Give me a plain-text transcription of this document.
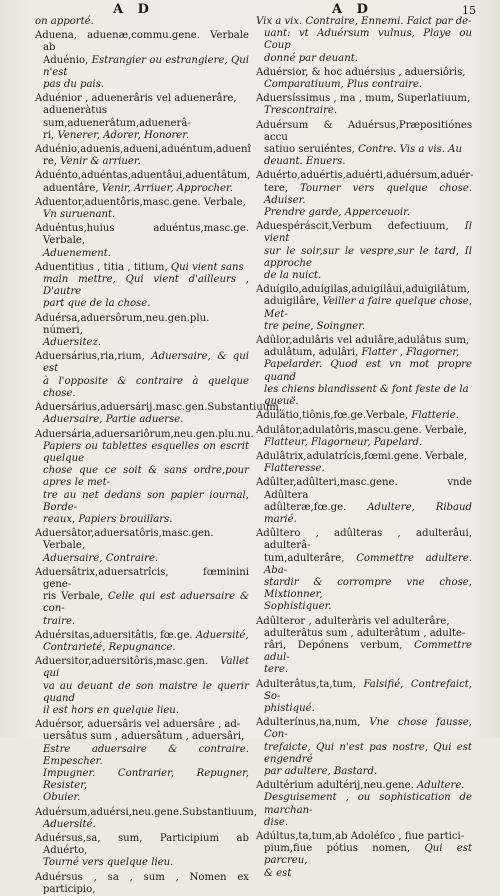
A D	A D	15

on apporté.

Aduena, aduenæ,commu.gene. Verbale ab
Aduénio, Estrangier ou estrangiere, Qui n'est
pas du pais.

Aduénior , aduenerâris vel aduenerâre,
adueneràtus sum,aduenerâtum,aduenerâ-
ri, Venerer, Adorer, Honorer.

Aduénio,aduenis,adueni,aduéntum,aduenî
re, Venir & arriuer.

Aduénto,aduéntas,aduentâui,aduentâtum,
aduentâre, Venir, Arriuer, Approcher.

Aduentor,aduentôris,masc.gene. Verbale,
Vn suruenant.

Aduéntus,huius aduéntus,masc.ge. Verbale,
Aduenement.

Aduentitius , titia , titium, Qui vient sans
main mettre, Qui vient d'ailleurs , D'autre
part que de la chose.

Aduérsa,aduersôrum,neu.gen.plu. númeri,
Aduersitez.

Aduersárius,ria,rium, Aduersaire, & qui est
à l'opposite & contraire à quelque chose.

Aduersárius,aduersárij.masc.gen.Substantiuum,
Aduersaire, Partie aduerse.

Aduersária,aduersariôrum,neu.gen.plu.nu.
Papiers ou tablettes esquelles on escrit quelque
chose que ce soit & sans ordre,pour apres le met-
tre au net dedans son papier iournal, Borde-
reaux, Papiers brouillars.

Aduersâtor,aduersatôris,masc.gen. Verbale,
Aduersaire, Contraire.

Aduersâtrix,aduersatrîcis, fœminini gene-
ris Verbale, Celle qui est aduersaire & con-
traire.

Aduérsitas,aduersitâtis, fœ.ge. Aduersité,
Contrarieté, Repugnance.

Aduersitor,aduersitôris,masc.gen. Vallet qui
va au deuant de son maistre le querir quand
il est hors en quelque lieu.

Aduérsor, aduersâris vel aduersâre , ad-
uersâtus sum , aduersâtum , aduersâri,
Estre aduersaire & contraire. Empescher.
Impugner. Contrarier, Repugner, Resister,
Obuier.

Aduérsum,aduérsi,neu.gene.Substantiuum,
Aduersité.

Aduérsus,sa, sum, Participium ab Aduérto,
Tourné vers quelque lieu.

Aduérsus , sa , sum , Nomen ex participio,

Vix a vix. Contraire, Ennemi. Faict par de-
uant: vt Aduérsum vulnus, Playe ou Coup
donné par deuant.

Aduérsior, & hoc aduérsius , aduersiôris,
Comparatiuum, Plus contraire.

Aduersíssimus , ma , mum, Superlatiuum,
Trescontraire.

Aduérsum & Aduérsus,Præpositiónes accu
satiuo seruiéntes, Contre. Vis a vis. Au
deuant. Enuers.

Aduérto,aduértis,aduérti,aduérsum,aduér-
tere, Tourner vers quelque chose. Aduiser.
Prendre garde, Apperceuoir.

Aduespéráscit,Verbum defectiuum, Il vient
sur le soir,sur le vespre,sur le tard, Il approche
de la nuict.

Aduígilo,aduígilas,aduigilâui,aduigilâtum,
aduigilâre, Veiller a faire quelque chose, Met-
tre peine, Soingner.

Adûlor,adulâris vel adulâre,adulâtus sum,
adulâtum, adulâri, Flatter , Flagorner,
Papelarder. Quod est vn mot propre quand
les chiens blandissent & font feste de la
queuë.

Adulátio,tiônis,fœ.ge.Verbale, Flatterie.

Adulâtor,adulatôris,mascu.gene. Verbale,
Flatteur, Flagorneur, Papelard.

Adulâtrix,adulatrícis,fœmi.gene. Verbale,
Flatteresse.

Adûlter,adûlteri,masc.gene. vnde Adûltera
adûlteræ,fœ.ge. Adultere, Ribaud marié.

Adûltero , adûlteras , adulterâui, adulterâ-
tum,adulterâre, Commettre adultere. Aba-
stardir & corrompre vne chose, Mixtionner,
Sophistiquer.

Adûlteror , adulteràris vel adulterâre,
adulterâtus sum , adulterâtum , adulte-
râri, Depónens verbum, Commettre adul-
tere.

Adulterâtus,ta,tum, Falsifié, Contrefaict, So-
phistiqué.

Adulterínus,na,num, Vne chose fausse, Con-
trefaicte, Qui n'est pas nostre, Qui est engendré
par adultere, Bastard.

Adultérium adultérij,neu.gene. Adultere.
Desguisement , ou sophistication de marchan-
dise.

Adúltus,ta,tum,ab Adoléſco , fiue partici-
pium,fiue pótius nomen, Qui est parcreu,
& est
